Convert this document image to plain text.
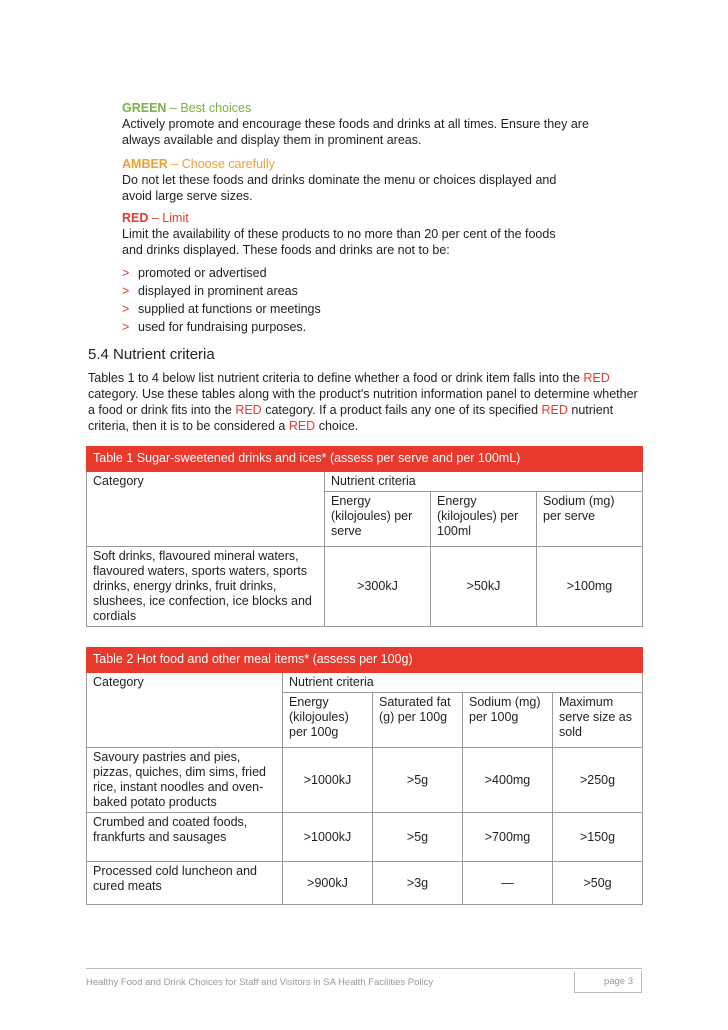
GREEN – Best choices
Actively promote and encourage these foods and drinks at all times. Ensure they are always available and display them in prominent areas.
AMBER – Choose carefully
Do not let these foods and drinks dominate the menu or choices displayed and avoid large serve sizes.
RED – Limit
Limit the availability of these products to no more than 20 per cent of the foods and drinks displayed. These foods and drinks are not to be:
> promoted or advertised
> displayed in prominent areas
> supplied at functions or meetings
> used for fundraising purposes.
5.4 Nutrient criteria
Tables 1 to 4 below list nutrient criteria to define whether a food or drink item falls into the RED category. Use these tables along with the product's nutrition information panel to determine whether a food or drink fits into the RED category. If a product fails any one of its specified RED nutrient criteria, then it is to be considered a RED choice.
Table 1 Sugar-sweetened drinks and ices* (assess per serve and per 100mL)			
Category	Nutrient criteria		
	Energy (kilojoules) per serve	Energy (kilojoules) per 100ml	Sodium (mg) per serve
Soft drinks, flavoured mineral waters, flavoured waters, sports waters, sports drinks, energy drinks, fruit drinks, slushees, ice confection, ice blocks and cordials	>300kJ	>50kJ	>100mg
Table 2 Hot food and other meal items* (assess per 100g)				
Category	Nutrient criteria			
	Energy (kilojoules) per 100g	Saturated fat (g) per 100g	Sodium (mg) per 100g	Maximum serve size as sold
Savoury pastries and pies, pizzas, quiches, dim sims, fried rice, instant noodles and oven-baked potato products	>1000kJ	>5g	>400mg	>250g
Crumbed and coated foods, frankfurts and sausages	>1000kJ	>5g	>700mg	>150g
Processed cold luncheon and cured meats	>900kJ	>3g	—	>50g
Healthy Food and Drink Choices for Staff and Visitors in SA Health Facilities Policy	page 3
